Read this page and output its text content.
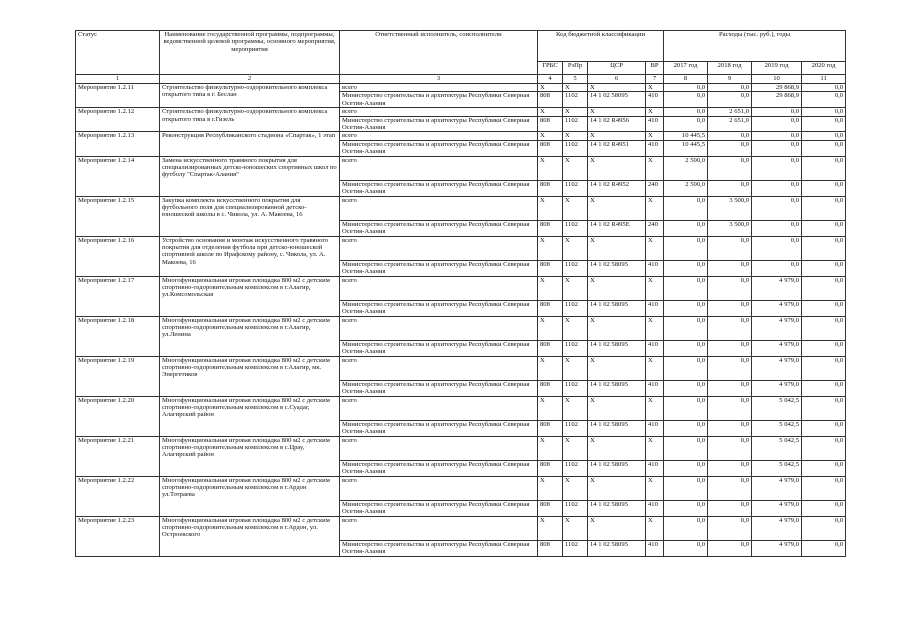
Статус	Наименование государственной программы, подпрограммы, ведомственной целевой программы, основного мероприятия, мероприятия	Ответственный исполнитель, соисполнители	Код бюджетной классификации				Расходы (тыс. руб.), годы			
			ГРБС	РзПр	ЦСР	ВР	2017 год	2018 год	2019 год	2020 год
1	2	3	4	5	6	7	8	9	10	11
Мероприятие 1.2.11	Строительство физкультурно-оздоровительного комплекса открытого типа в г. Беслан	всего	X	X	X	X	0,0	0,0	29 868,9	0,0
		Министерство строительства и архитектуры Республики Северная Осетия-Алания	808	1102	14 1 02 58095	410	0,0	0,0	29 868,9	0,0
Мероприятие 1.2.12	Строительство физкультурно-оздоровительного комплекса открытого типа в г.Гизель	всего	X	X	X	X	0,0	2 651,0	0,0	0,0
		Министерство строительства и архитектуры Республики Северная Осетия-Алания	808	1102	14 1 02 R4956	410	0,0	2 651,0	0,0	0,0
Мероприятие 1.2.13	Реконструкция Республиканского стадиона «Спартак», 1 этап	всего	X	X	X	X	10 445,5	0,0	0,0	0,0
		Министерство строительства и архитектуры Республики Северная Осетия-Алания	808	1102	14 1 02 R4951	410	10 445,5	0,0	0,0	0,0
Мероприятие 1.2.14	Замена искусственного травяного покрытия для специализированных детско-юношеских спортивных школ по футболу "Спартак-Алания"	всего	X	X	X	X	2 500,0	0,0	0,0	0,0
		Министерство строительства и архитектуры Республики Северная Осетия-Алания	808	1102	14 1 02 R4952	240	2 500,0	0,0	0,0	0,0
Мероприятие 1.2.15	Закупка комплекта искусственного покрытия для футбольного поля для специализированной детско-юношеской школы в с. Чикола, ул. А. Макоева, 16	всего	X	X	X	X	0,0	3 500,0	0,0	0,0
		Министерство строительства и архитектуры Республики Северная Осетия-Алания	808	1102	14 1 02 R495Е	240	0,0	3 500,0	0,0	0,0
Мероприятие 1.2.16	Устройство основания и монтаж искусственного травяного покрытия для отделения футбола при детско-юношеской спортивной школе по Ирафскому району, с. Чикола, ул. А. Макоева, 16	всего	X	X	X	X	0,0	0,0	0,0	0,0
		Министерство строительства и архитектуры Республики Северная Осетия-Алания	808	1102	14 1 02 58095	410	0,0	0,0	0,0	0,0
Мероприятие 1.2.17	Многофункциональная игровая площадка 800 м2 с детским спортивно-оздоровительным комплексом в г.Алагир, ул.Комсомольская	всего	X	X	X	X	0,0	0,0	4 979,0	0,0
		Министерство строительства и архитектуры Республики Северная Осетия-Алания	808	1102	14 1 02 58095	410	0,0	0,0	4 979,0	0,0
Мероприятие 1.2.18	Многофункциональная игровая площадка 800 м2 с детским спортивно-оздоровительным комплексом в г.Алагир, ул.Ленина	всего	X	X	X	X	0,0	0,0	4 979,0	0,0
		Министерство строительства и архитектуры Республики Северная Осетия-Алания	808	1102	14 1 02 58095	410	0,0	0,0	4 979,0	0,0
Мероприятие 1.2.19	Многофункциональная игровая площадка 800 м2 с детским спортивно-оздоровительным комплексом в г.Алагир, мк. Энергетиков	всего	X	X	X	X	0,0	0,0	4 979,0	0,0
		Министерство строительства и архитектуры Республики Северная Осетия-Алания	808	1102	14 1 02 58095	410	0,0	0,0	4 979,0	0,0
Мероприятие 1.2.20	Многофункциональная игровая площадка 800 м2 с детским спортивно-оздоровительным комплексом в с.Суадаг, Алагирский район	всего	X	X	X	X	0,0	0,0	5 042,5	0,0
		Министерство строительства и архитектуры Республики Северная Осетия-Алания	808	1102	14 1 02 58095	410	0,0	0,0	5 042,5	0,0
Мероприятие 1.2.21	Многофункциональная игровая площадка 800 м2 с детским спортивно-оздоровительным комплексом в с.Црау, Алагирский район	всего	X	X	X	X	0,0	0,0	5 042,5	0,0
		Министерство строительства и архитектуры Республики Северная Осетия-Алания	808	1102	14 1 02 58095	410	0,0	0,0	5 042,5	0,0
Мероприятие 1.2.22	Многофункциональная игровая площадка 800 м2 с детским спортивно-оздоровительным комплексом в г.Ардон ул.Тотраева	всего	X	X	X	X	0,0	0,0	4 979,0	0,0
		Министерство строительства и архитектуры Республики Северная Осетия-Алания	808	1102	14 1 02 58095	410	0,0	0,0	4 979,0	0,0
Мероприятие 1.2.23	Многофункциональная игровая площадка 800 м2 с детским спортивно-оздоровительным комплексом в г.Ардон, ул. Остроевского	всего	X	X	X	X	0,0	0,0	4 979,0	0,0
		Министерство строительства и архитектуры Республики Северная Осетия-Алания	808	1102	14 1 02 58095	410	0,0	0,0	4 979,0	0,0
